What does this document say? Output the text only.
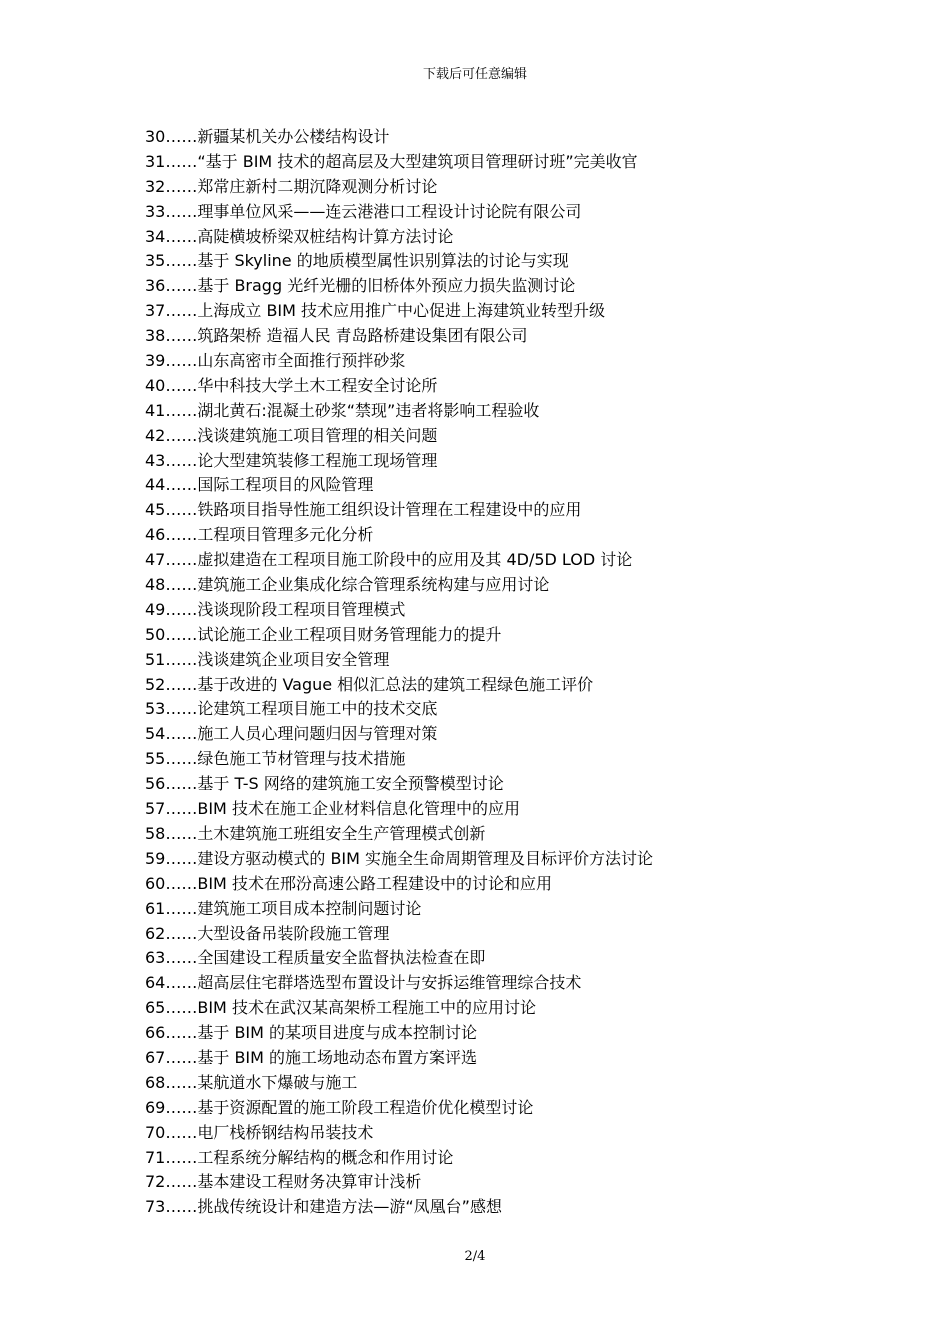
下载后可任意编辑
30……新疆某机关办公楼结构设计
31……“基于 BIM 技术的超高层及大型建筑项目管理研讨班”完美收官
32……郑常庄新村二期沉降观测分析讨论
33……理事单位风采——连云港港口工程设计讨论院有限公司
34……高陡横坡桥梁双桩结构计算方法讨论
35……基于 Skyline 的地质模型属性识别算法的讨论与实现
36……基于 Bragg 光纤光栅的旧桥体外预应力损失监测讨论
37……上海成立 BIM 技术应用推广中心促进上海建筑业转型升级
38……筑路架桥 造福人民 青岛路桥建设集团有限公司
39……山东高密市全面推行预拌砂浆
40……华中科技大学土木工程安全讨论所
41……湖北黄石:混凝土砂浆“禁现”违者将影响工程验收
42……浅谈建筑施工项目管理的相关问题
43……论大型建筑装修工程施工现场管理
44……国际工程项目的风险管理
45……铁路项目指导性施工组织设计管理在工程建设中的应用
46……工程项目管理多元化分析
47……虚拟建造在工程项目施工阶段中的应用及其 4D/5D LOD 讨论
48……建筑施工企业集成化综合管理系统构建与应用讨论
49……浅谈现阶段工程项目管理模式
50……试论施工企业工程项目财务管理能力的提升
51……浅谈建筑企业项目安全管理
52……基于改进的 Vague 相似汇总法的建筑工程绿色施工评价
53……论建筑工程项目施工中的技术交底
54……施工人员心理问题归因与管理对策
55……绿色施工节材管理与技术措施
56……基于 T-S 网络的建筑施工安全预警模型讨论
57……BIM 技术在施工企业材料信息化管理中的应用
58……土木建筑施工班组安全生产管理模式创新
59……建设方驱动模式的 BIM 实施全生命周期管理及目标评价方法讨论
60……BIM 技术在邢汾高速公路工程建设中的讨论和应用
61……建筑施工项目成本控制问题讨论
62……大型设备吊装阶段施工管理
63……全国建设工程质量安全监督执法检查在即
64……超高层住宅群塔选型布置设计与安拆运维管理综合技术
65……BIM 技术在武汉某高架桥工程施工中的应用讨论
66……基于 BIM 的某项目进度与成本控制讨论
67……基于 BIM 的施工场地动态布置方案评选
68……某航道水下爆破与施工
69……基于资源配置的施工阶段工程造价优化模型讨论
70……电厂栈桥钢结构吊装技术
71……工程系统分解结构的概念和作用讨论
72……基本建设工程财务决算审计浅析
73……挑战传统设计和建造方法—游“凤凰台”感想
2/4
